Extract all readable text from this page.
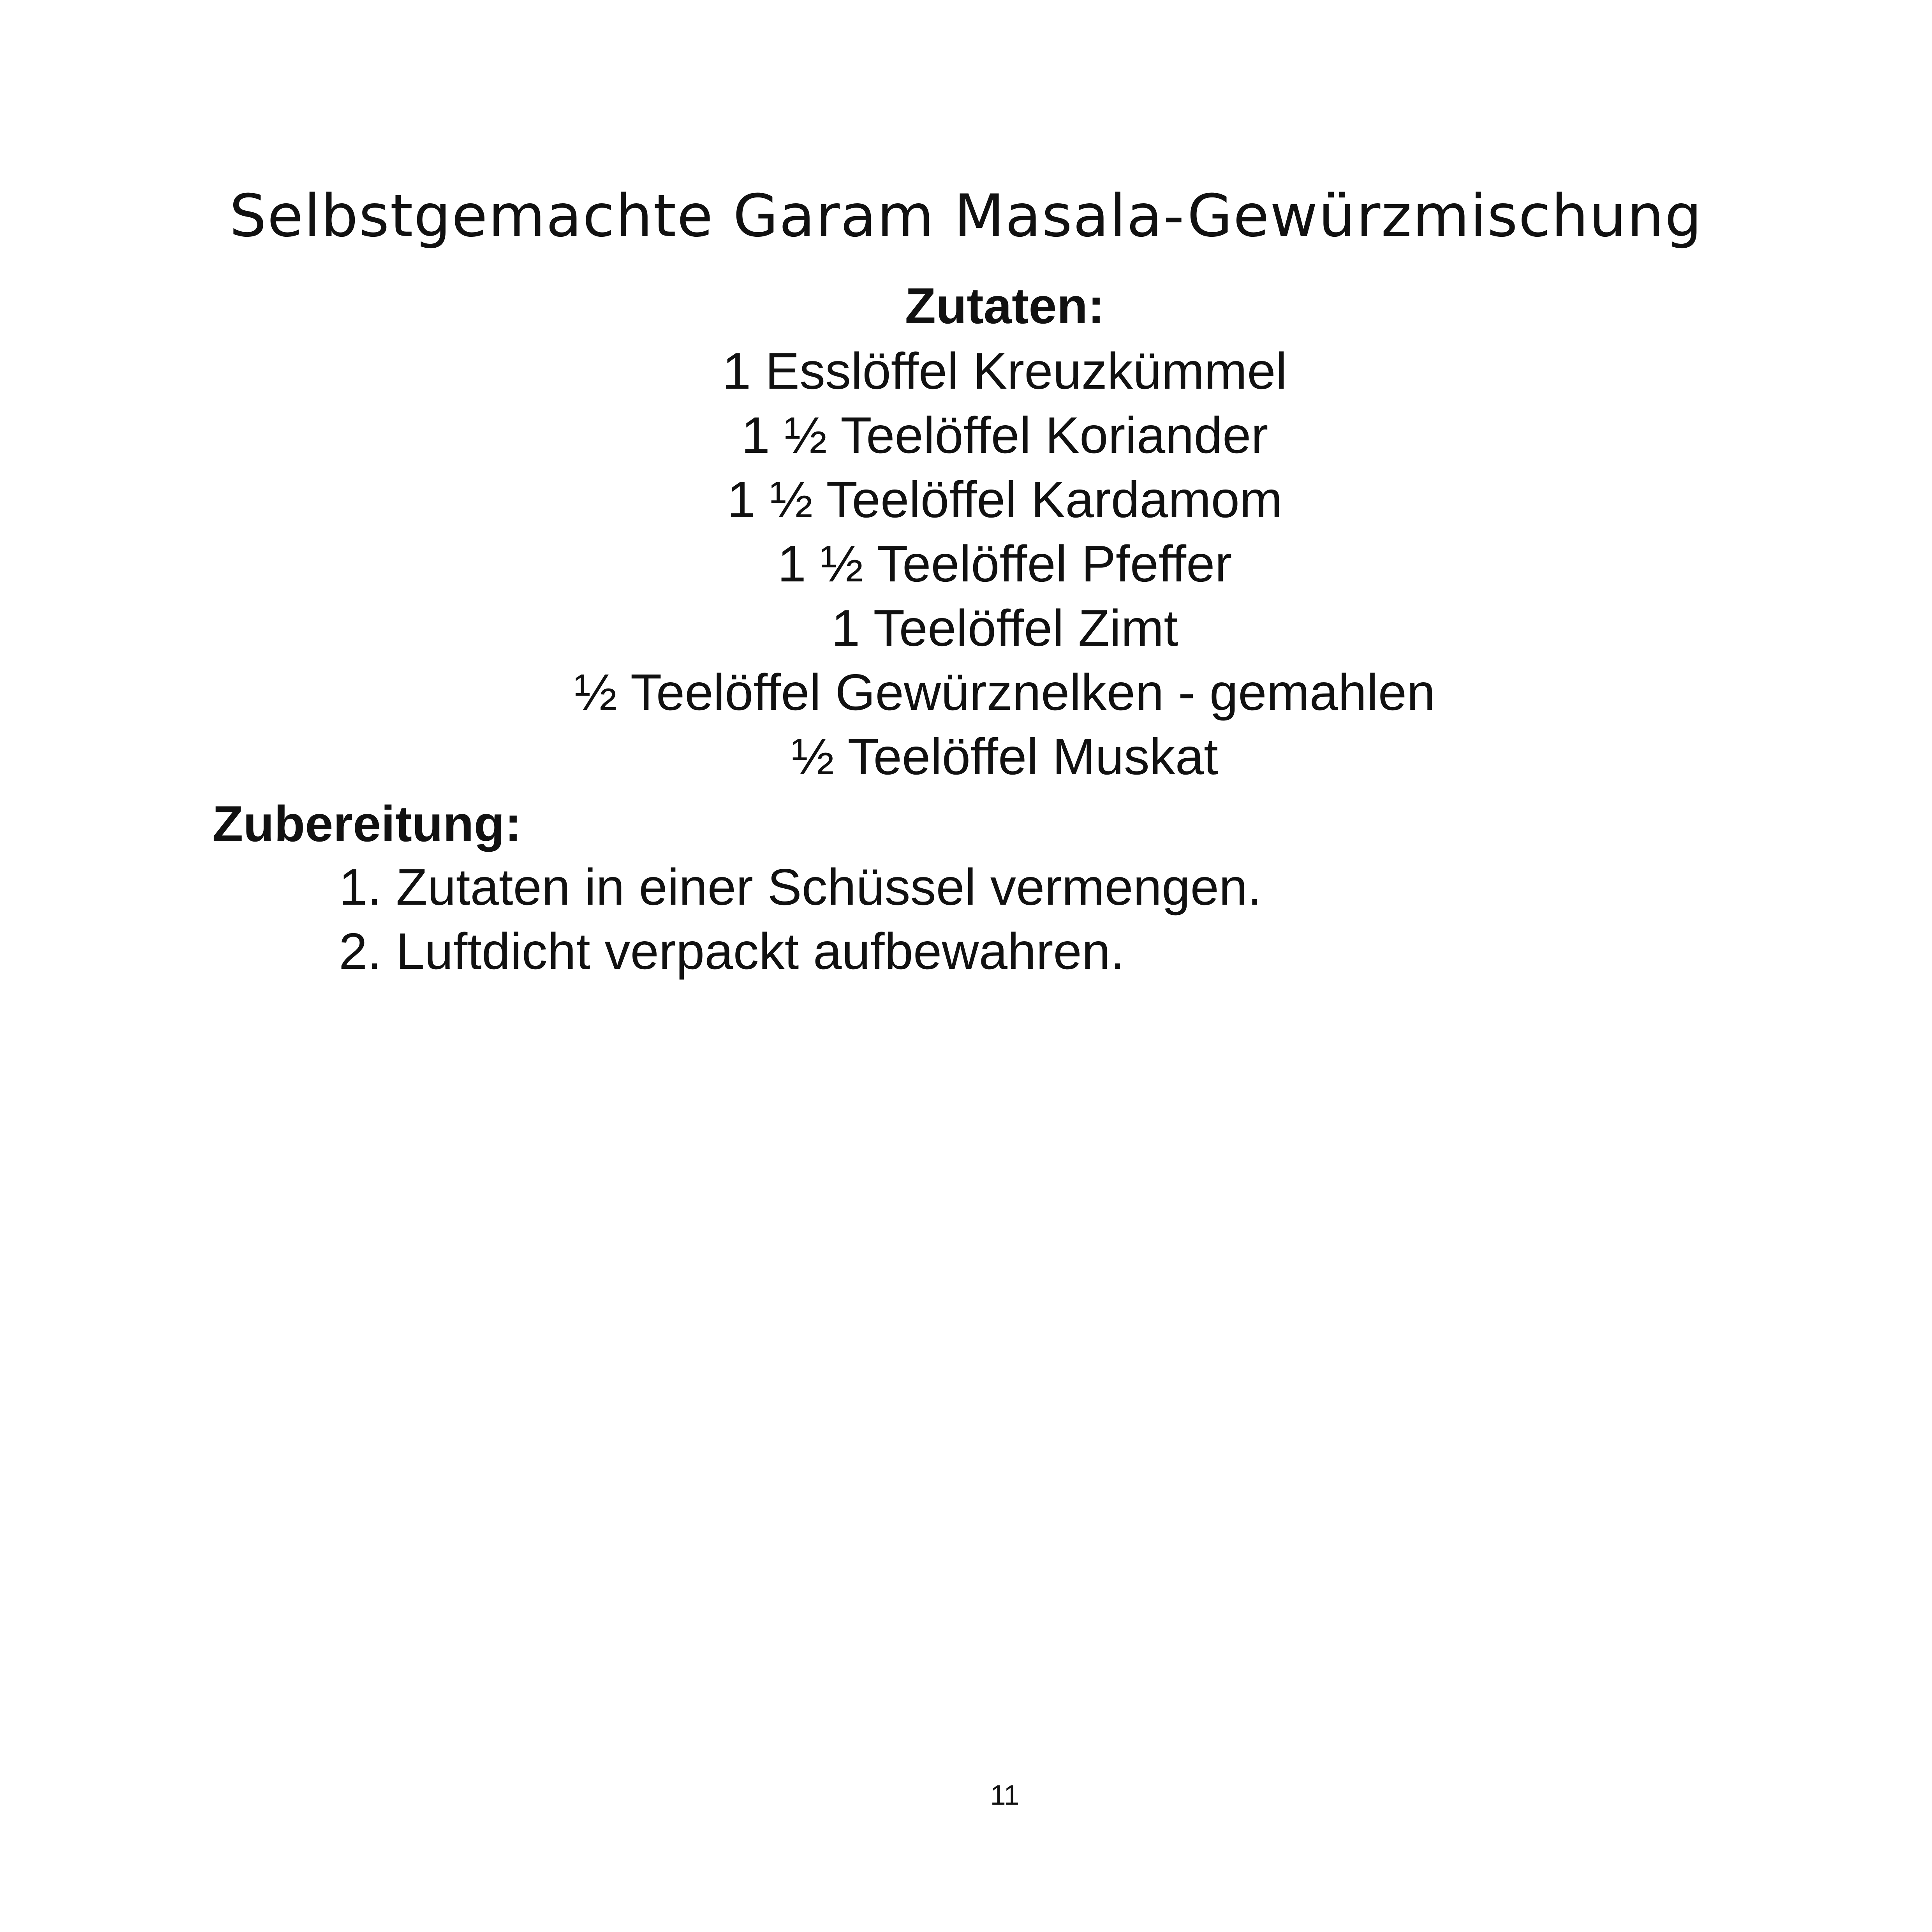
Selbstgemachte Garam Masala-Gewürzmischung
Zutaten:
1 Esslöffel Kreuzkümmel
1 ½ Teelöffel Koriander
1 ½ Teelöffel Kardamom
1 ½ Teelöffel Pfeffer
1 Teelöffel Zimt
½ Teelöffel Gewürznelken - gemahlen
½ Teelöffel Muskat
Zubereitung:
1. Zutaten in einer Schüssel vermengen.
2. Luftdicht verpackt aufbewahren.
11
